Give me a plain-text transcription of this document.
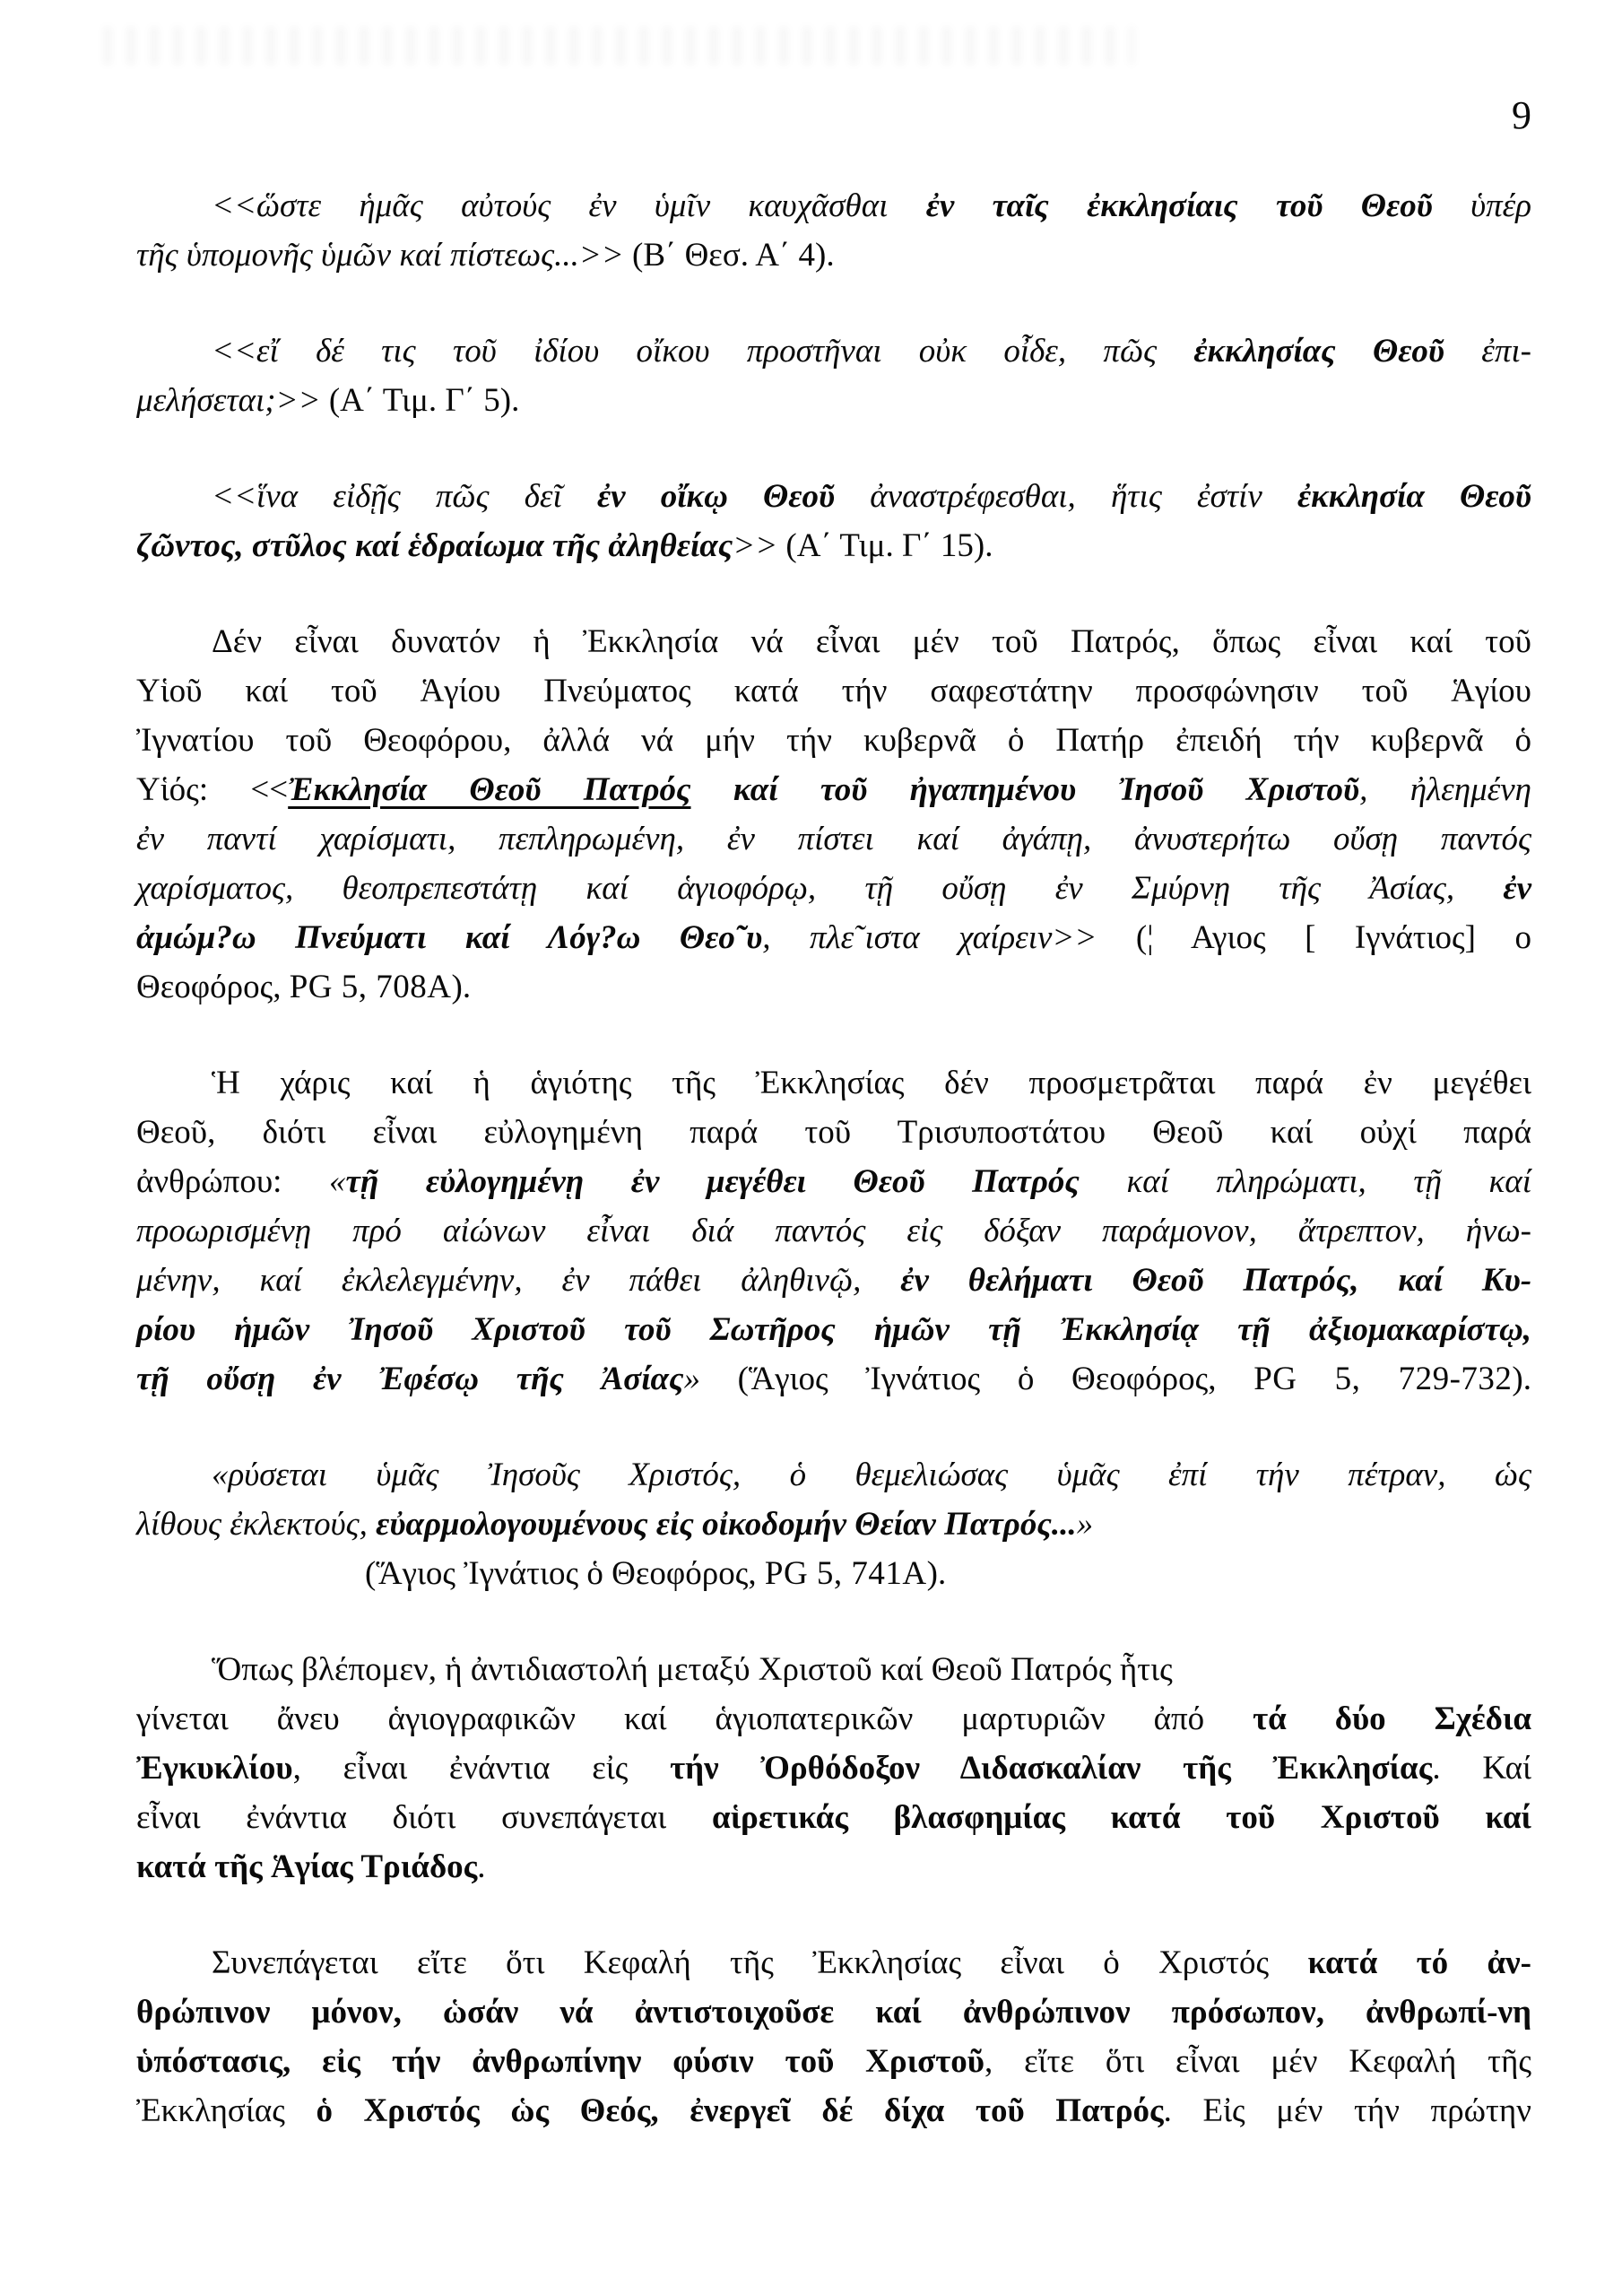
9
<<ὥστε ἡμᾶς αὐτούς ἐν ὑμῖν καυχᾶσθαι ἐν ταῖς ἐκκλησίαις τοῦ Θεοῦ ὑπέρ
τῆς ὑπομονῆς ὑμῶν καί πίστεως...>> (Β΄ Θεσ. Α΄ 4).
<<εἴ δέ τις τοῦ ἰδίου οἴκου προστῆναι οὐκ οἶδε, πῶς ἐκκλησίας Θεοῦ ἐπι-
μελήσεται;>> (Α΄ Τιμ. Γ΄ 5).
<<ἵνα εἰδῇς πῶς δεῖ ἐν οἴκῳ Θεοῦ ἀναστρέφεσθαι, ἥτις ἐστίν ἐκκλησία Θεοῦ
ζῶντος, στῦλος καί ἑδραίωμα τῆς ἀληθείας>> (Α΄ Τιμ. Γ΄ 15).
Δέν εἶναι δυνατόν ἡ Ἐκκλησία νά εἶναι μέν τοῦ Πατρός, ὅπως εἶναι καί τοῦ
Υἱοῦ καί τοῦ Ἁγίου Πνεύματος κατά τήν σαφεστάτην προσφώνησιν τοῦ Ἁγίου
Ἰγνατίου τοῦ Θεοφόρου, ἀλλά νά μήν τήν κυβερνᾶ ὁ Πατήρ ἐπειδή τήν κυβερνᾶ ὁ
Υἱός: <<Ἐκκλησία Θεοῦ Πατρός καί τοῦ ἠγαπημένου Ἰησοῦ Χριστοῦ, ἠλεημένη
ἐν παντί χαρίσματι, πεπληρωμένη, ἐν πίστει καί ἀγάπῃ, ἀνυστερήτω οὔσῃ παντός
χαρίσματος, θεοπρεπεστάτῃ καί ἁγιοφόρῳ, τῇ οὔσῃ ἐν Σμύρνῃ τῆς Ἀσίας, ἐν
ἀμώμ?ω Πνεύματι καί Λόγ?ω Θεο῀υ, πλε῀ιστα χαίρειν>> (¦ Αγιος [ Ιγνάτιος] ο
Θεοφόρος, PG 5, 708Α).
Ἡ χάρις καί ἡ ἁγιότης τῆς Ἐκκλησίας δέν προσμετρᾶται παρά ἐν μεγέθει
Θεοῦ, διότι εἶναι εὐλογημένη παρά τοῦ Τρισυποστάτου Θεοῦ καί οὐχί παρά
ἀνθρώπου: «τῇ εὐλογημένῃ ἐν μεγέθει Θεοῦ Πατρός καί πληρώματι, τῇ καί
προωρισμένῃ πρό αἰώνων εἶναι διά παντός εἰς δόξαν παράμονον, ἄτρεπτον, ἡνω-
μένην, καί ἐκλελεγμένην, ἐν πάθει ἀληθινῷ, ἐν θελήματι Θεοῦ Πατρός, καί Κυ-
ρίου ἡμῶν Ἰησοῦ Χριστοῦ τοῦ Σωτῆρος ἡμῶν τῇ Ἐκκλησίᾳ τῇ ἀξιομακαρίστῳ,
τῇ οὔσῃ ἐν Ἐφέσῳ τῆς Ἀσίας» (Ἅγιος Ἰγνάτιος ὁ Θεοφόρος, PG 5, 729-732).
«ρύσεται ὑμᾶς Ἰησοῦς Χριστός, ὁ θεμελιώσας ὑμᾶς ἐπί τήν πέτραν, ὡς
λίθους ἐκλεκτούς, εὐαρμολογουμένους εἰς οἰκοδομήν Θείαν Πατρός...»
(Ἅγιος Ἰγνάτιος ὁ Θεοφόρος, PG 5, 741Α).
Ὅπως βλέπομεν, ἡ ἀντιδιαστολή μεταξύ Χριστοῦ καί Θεοῦ Πατρός ἧτις
γίνεται ἄνευ ἁγιογραφικῶν καί ἁγιοπατερικῶν μαρτυριῶν ἀπό τά δύο Σχέδια
Ἐγκυκλίου, εἶναι ἐνάντια εἰς τήν Ὀρθόδοξον Διδασκαλίαν τῆς Ἐκκλησίας. Καί
εἶναι ἐνάντια διότι συνεπάγεται αἱρετικάς βλασφημίας κατά τοῦ Χριστοῦ καί
κατά τῆς Ἁγίας Τριάδος.
Συνεπάγεται εἴτε ὅτι Κεφαλή τῆς Ἐκκλησίας εἶναι ὁ Χριστός κατά τό ἀν-
θρώπινον μόνον, ὡσάν νά ἀντιστοιχοῦσε καί ἀνθρώπινον πρόσωπον, ἀνθρωπί-νη
ὑπόστασις, εἰς τήν ἀνθρωπίνην φύσιν τοῦ Χριστοῦ, εἴτε ὅτι εἶναι μέν Κεφαλή τῆς
Ἐκκλησίας ὁ Χριστός ὡς Θεός, ἐνεργεῖ δέ δίχα τοῦ Πατρός. Εἰς μέν τήν πρώτην
